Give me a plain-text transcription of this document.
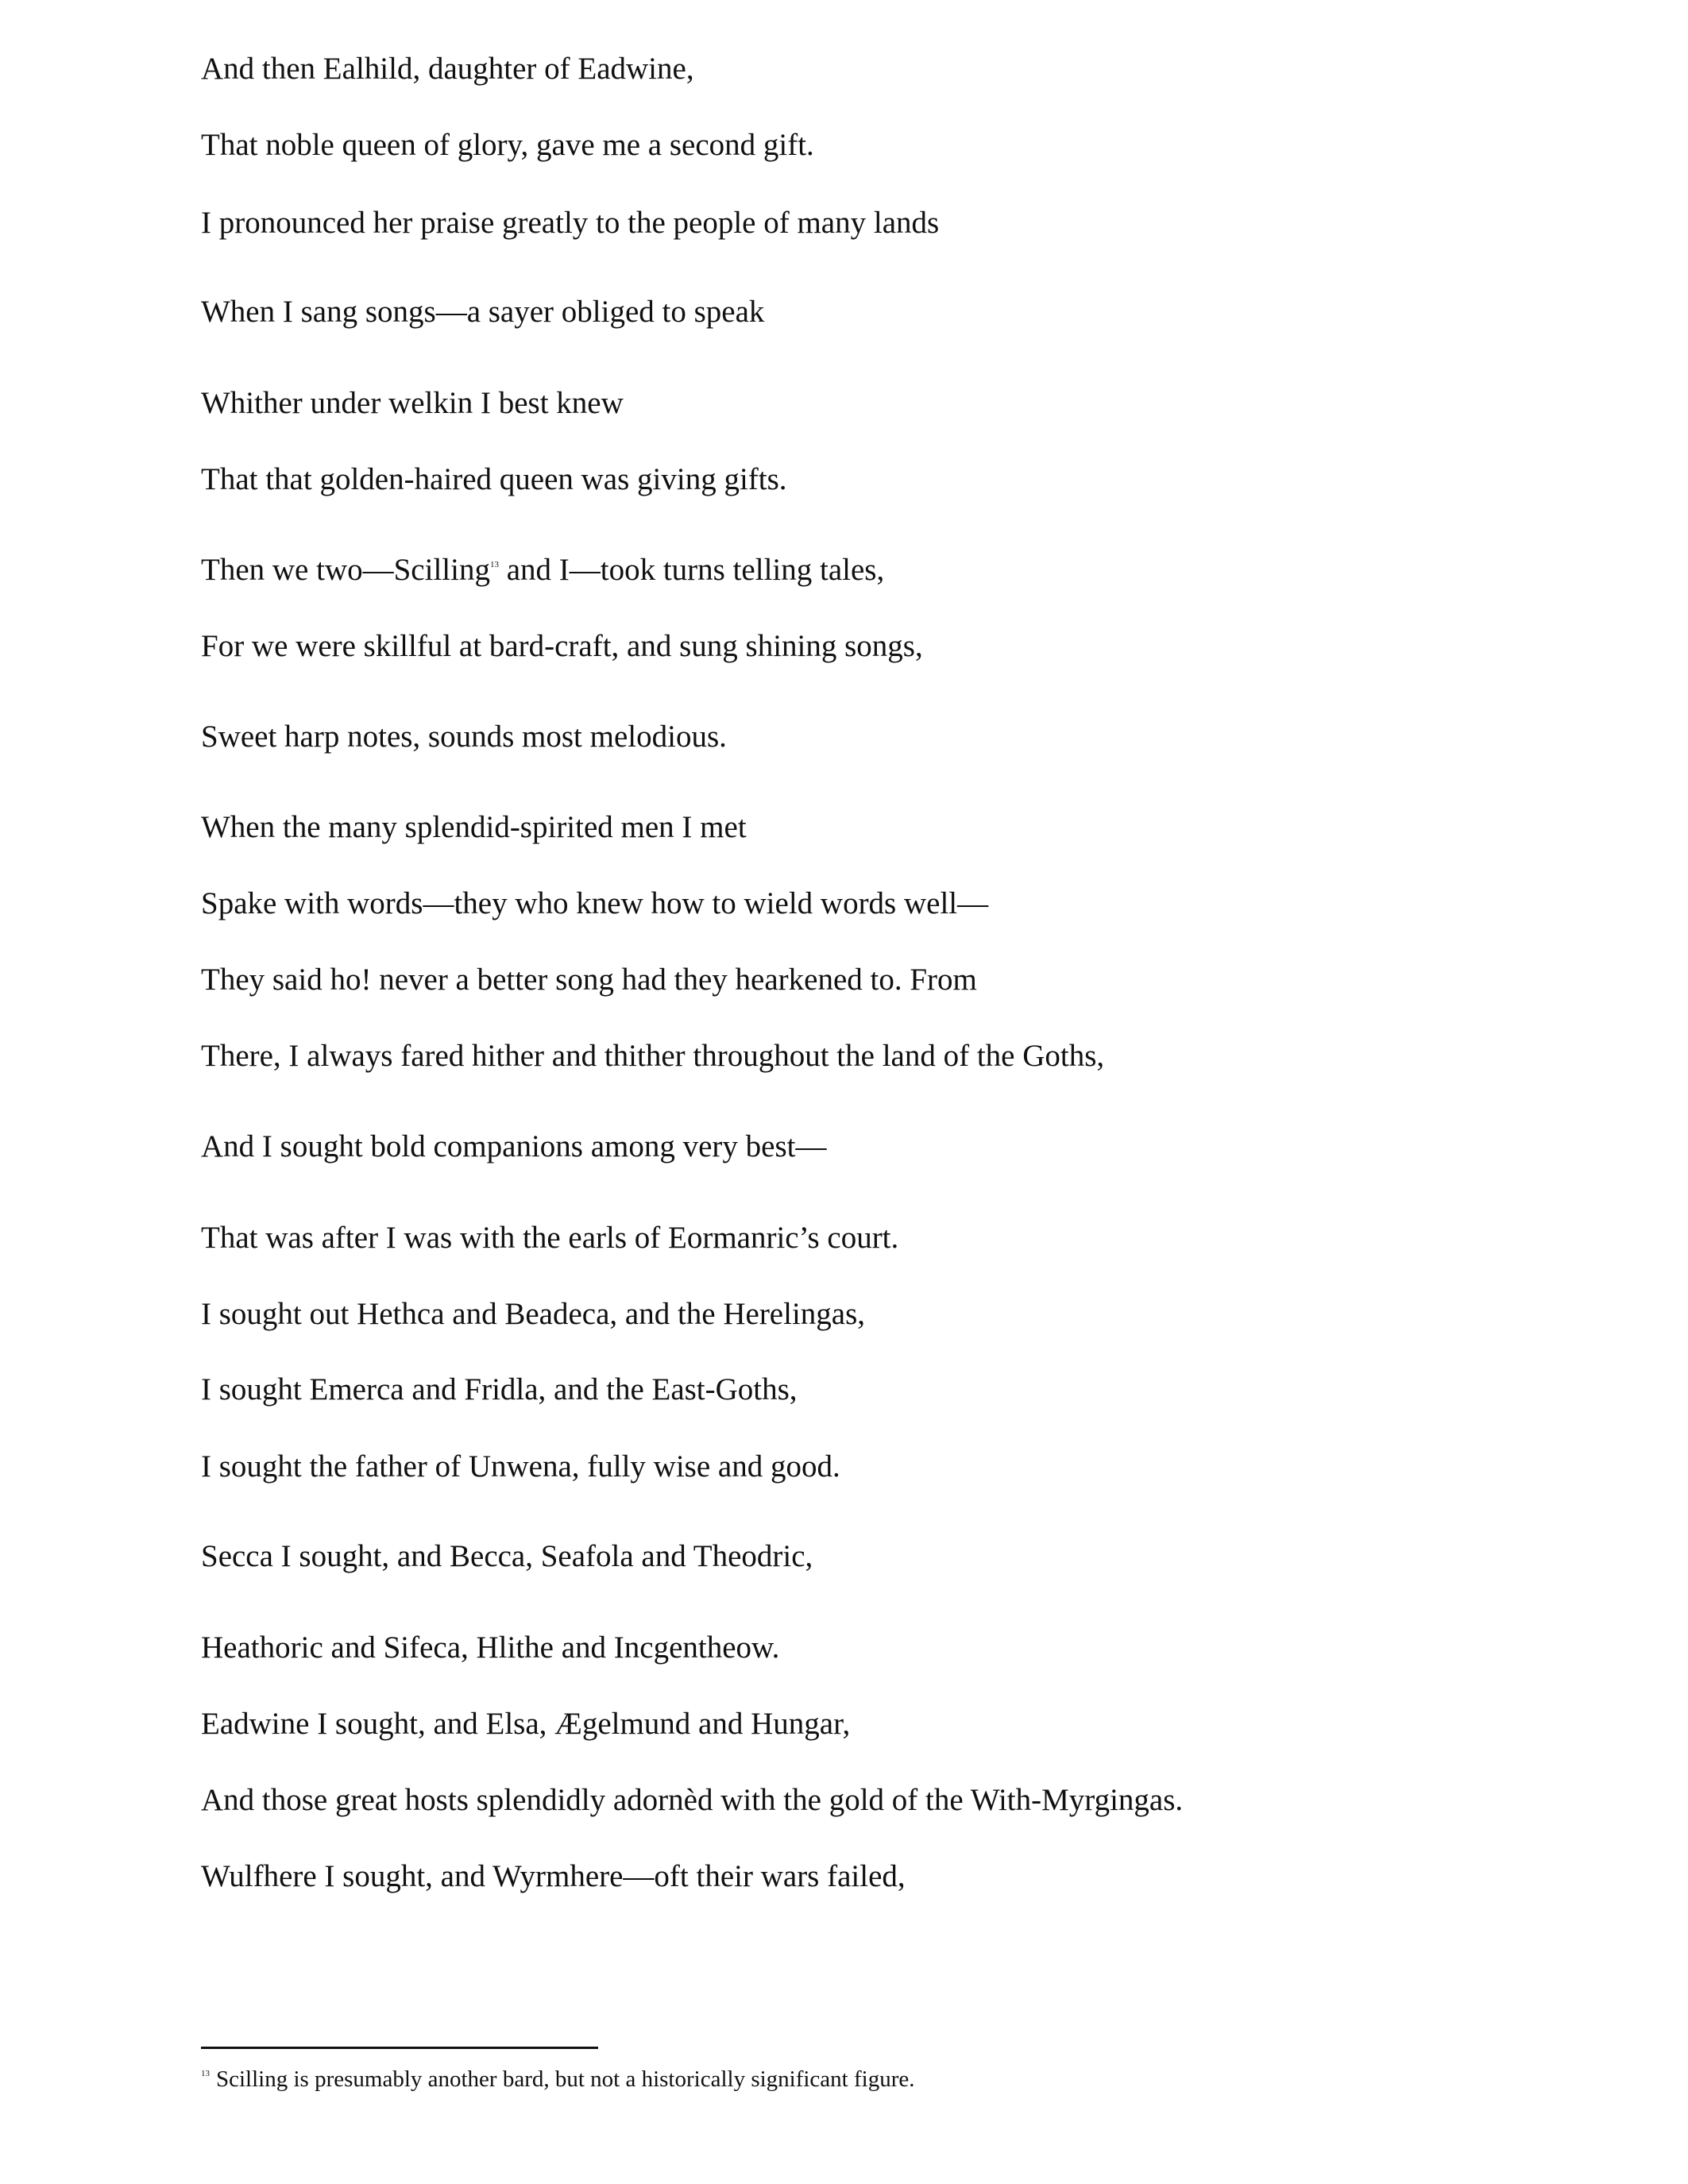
And then Ealhild, daughter of Eadwine,

That noble queen of glory, gave me a second gift.

I pronounced her praise greatly to the people of many lands

When I sang songs—a sayer obliged to speak

Whither under welkin I best knew

That that golden-haired queen was giving gifts.

Then we two—Scilling$^{13}$ and I—took turns telling tales,

For we were skillful at bard-craft, and sung shining songs,

Sweet harp notes, sounds most melodious.

When the many splendid-spirited men I met

Spake with words—they who knew how to wield words well—

They said ho! never a better song had they hearkened to. From

There, I always fared hither and thither throughout the land of the Goths,

And I sought bold companions among very best—

That was after I was with the earls of Eormanric’s court.

I sought out Hethca and Beadeca, and the Herelingas,

I sought Emerca and Fridla, and the East-Goths,

I sought the father of Unwena, fully wise and good.

Secca I sought, and Becca, Seafola and Theodric,

Heathoric and Sifeca, Hlithe and Incgentheow.

Eadwine I sought, and Elsa, Ægelmund and Hungar,

And those great hosts splendidly adornèd with the gold of the With-Myrgingas.

Wulfhere I sought, and Wyrmhere—oft their wars failed,

$^{13}$ Scilling is presumably another bard, but not a historically significant figure.
